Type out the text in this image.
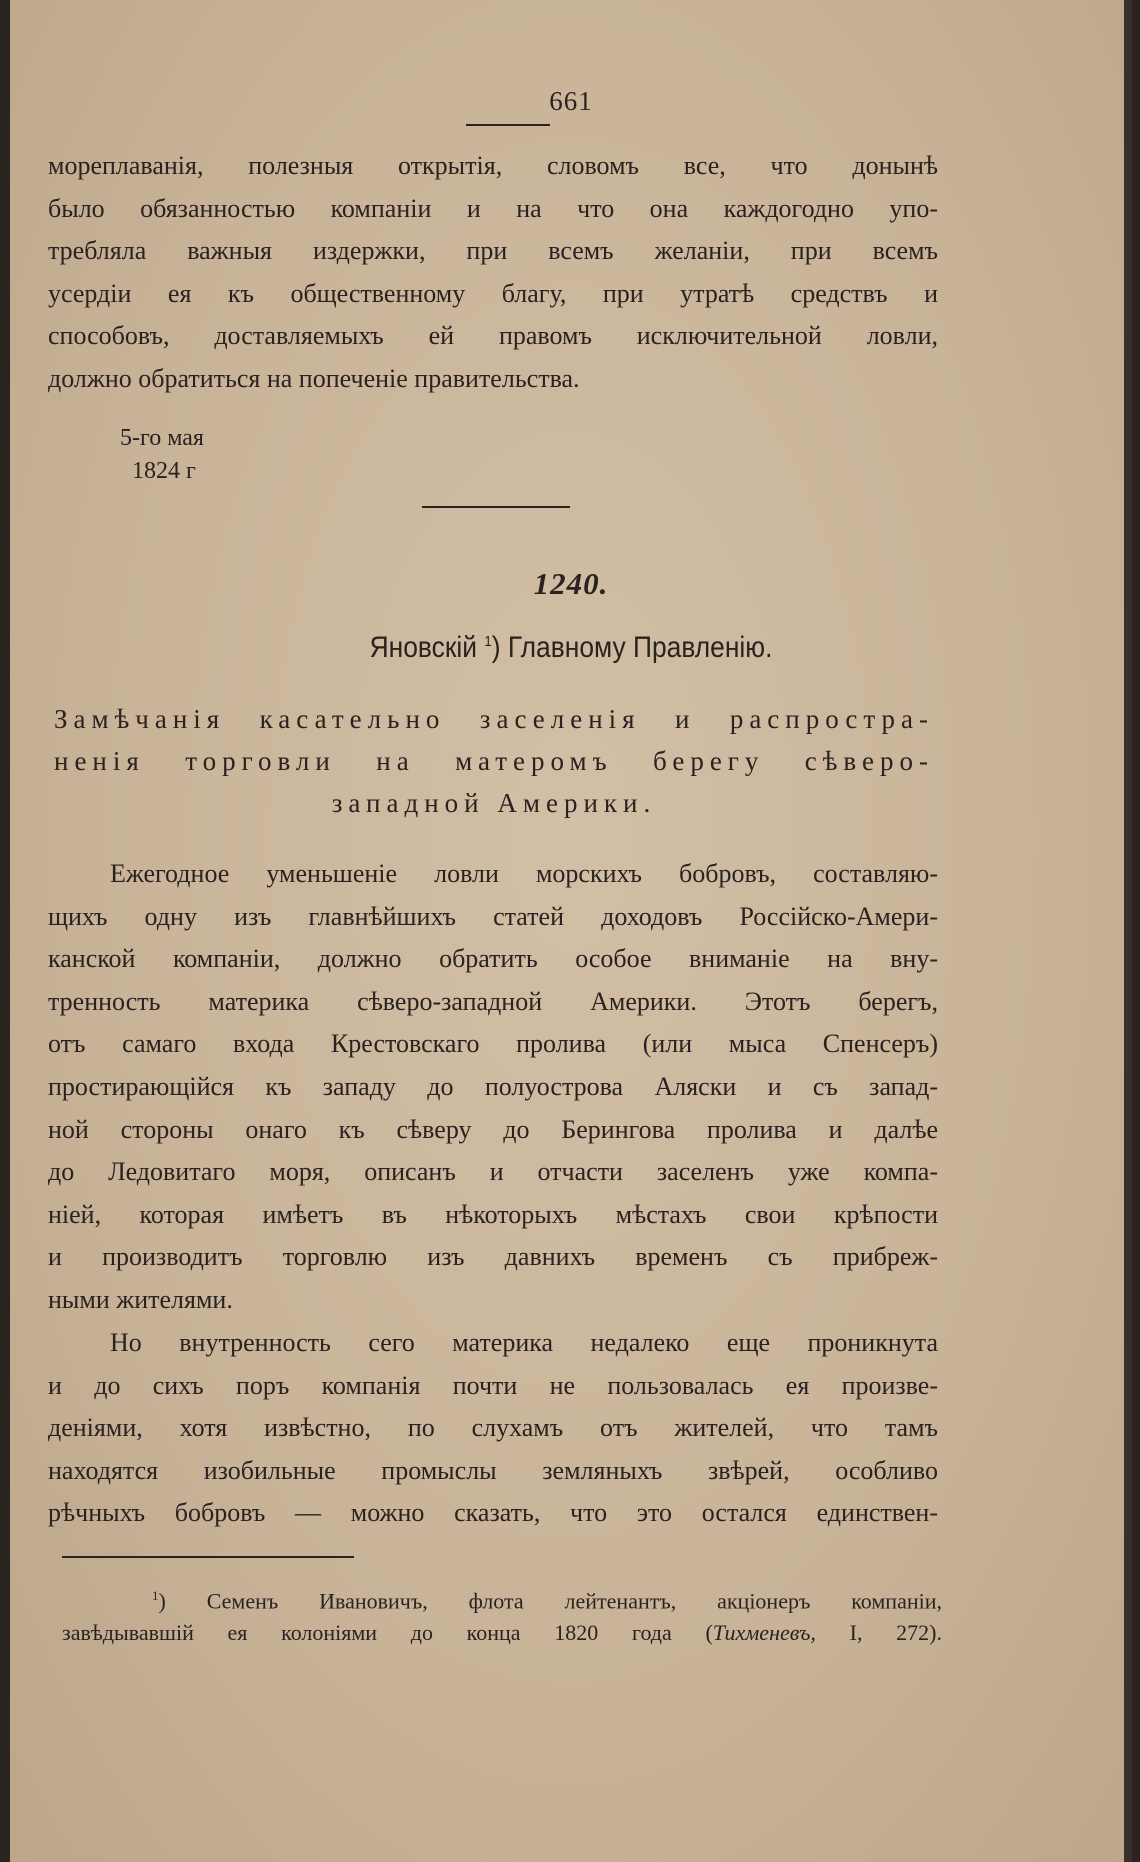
661
мореплаванія, полезныя открытія, словомъ все, что донынѣ
было обязанностью компаніи и на что она каждогодно упо-
требляла важныя издержки, при всемъ желаніи, при всемъ
усердіи ея къ общественному благу, при утратѣ средствъ и
способовъ, доставляемыхъ ей правомъ исключительной ловли,
должно обратиться на попеченіе правительства.
5-го мая
1824 г
1240.
Яновскій $^1$) Главному Правленію.
Замѣчанія касательно заселенія и распростра-
ненія торговли на матеромъ берегу сѣверо-
западной Америки.
Ежегодное уменьшеніе ловли морскихъ бобровъ, составляю-
щихъ одну изъ главнѣйшихъ статей доходовъ Россійско-Амери-
канской компаніи, должно обратить особое вниманіе на вну-
тренность материка сѣверо-западной Америки. Этотъ берегъ,
отъ самаго входа Крестовскаго пролива (или мыса Спенсеръ)
простирающійся къ западу до полуострова Аляски и съ запад-
ной стороны онаго къ сѣверу до Берингова пролива и далѣе
до Ледовитаго моря, описанъ и отчасти заселенъ уже компа-
ніей, которая имѣетъ въ нѣкоторыхъ мѣстахъ свои крѣпости
и производитъ торговлю изъ давнихъ временъ съ прибреж-
ными жителями.
Но внутренность сего материка недалеко еще проникнута
и до сихъ поръ компанія почти не пользовалась ея произве-
деніями, хотя извѣстно, по слухамъ отъ жителей, что тамъ
находятся изобильные промыслы земляныхъ звѣрей, особливо
рѣчныхъ бобровъ — можно сказать, что это остался единствен-
$^1$) Семенъ Ивановичъ, флота лейтенантъ, акціонеръ компаніи,
завѣдывавшій ея колоніями до конца 1820 года (Тихменевъ, I, 272).
